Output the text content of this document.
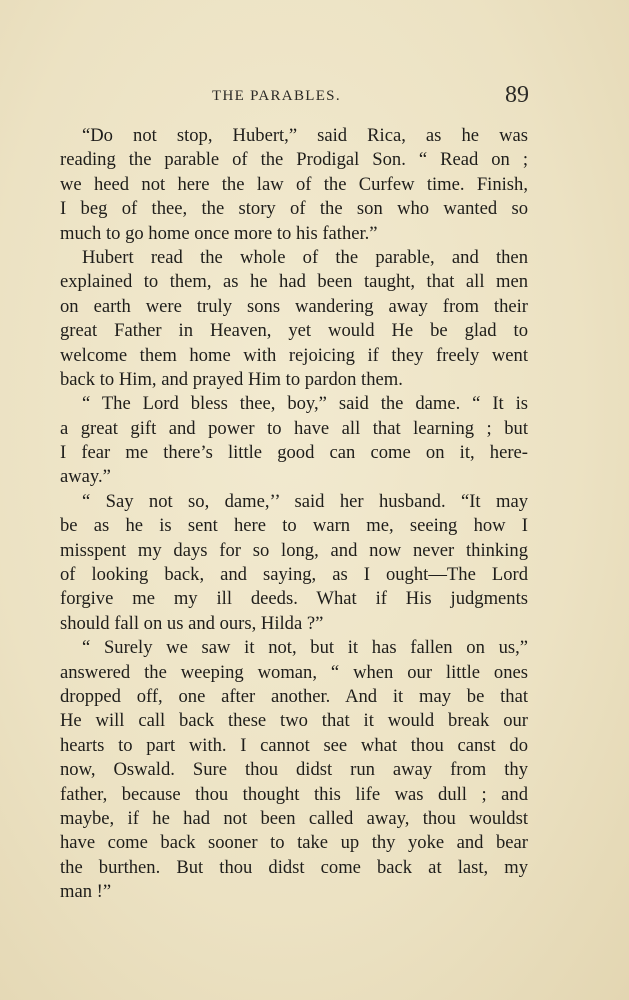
THE PARABLES.	89
“Do not stop, Hubert,” said Rica, as he was
reading the parable of the Prodigal Son. “ Read on ;
we heed not here the law of the Curfew time. Finish,
I beg of thee, the story of the son who wanted so
much to go home once more to his father.”
Hubert read the whole of the parable, and then
explained to them, as he had been taught, that all men
on earth were truly sons wandering away from their
great Father in Heaven, yet would He be glad to
welcome them home with rejoicing if they freely went
back to Him, and prayed Him to pardon them.
“ The Lord bless thee, boy,” said the dame. “ It is
a great gift and power to have all that learning ; but
I fear me there’s little good can come on it, here-
away.”
“ Say not so, dame,’’ said her husband. “It may
be as he is sent here to warn me, seeing how I
misspent my days for so long, and now never thinking
of looking back, and saying, as I ought—The Lord
forgive me my ill deeds. What if His judgments
should fall on us and ours, Hilda ?”
“ Surely we saw it not, but it has fallen on us,”
answered the weeping woman, “ when our little ones
dropped off, one after another. And it may be that
He will call back these two that it would break our
hearts to part with. I cannot see what thou canst do
now, Oswald. Sure thou didst run away from thy
father, because thou thought this life was dull ; and
maybe, if he had not been called away, thou wouldst
have come back sooner to take up thy yoke and bear
the burthen. But thou didst come back at last, my
man !”
